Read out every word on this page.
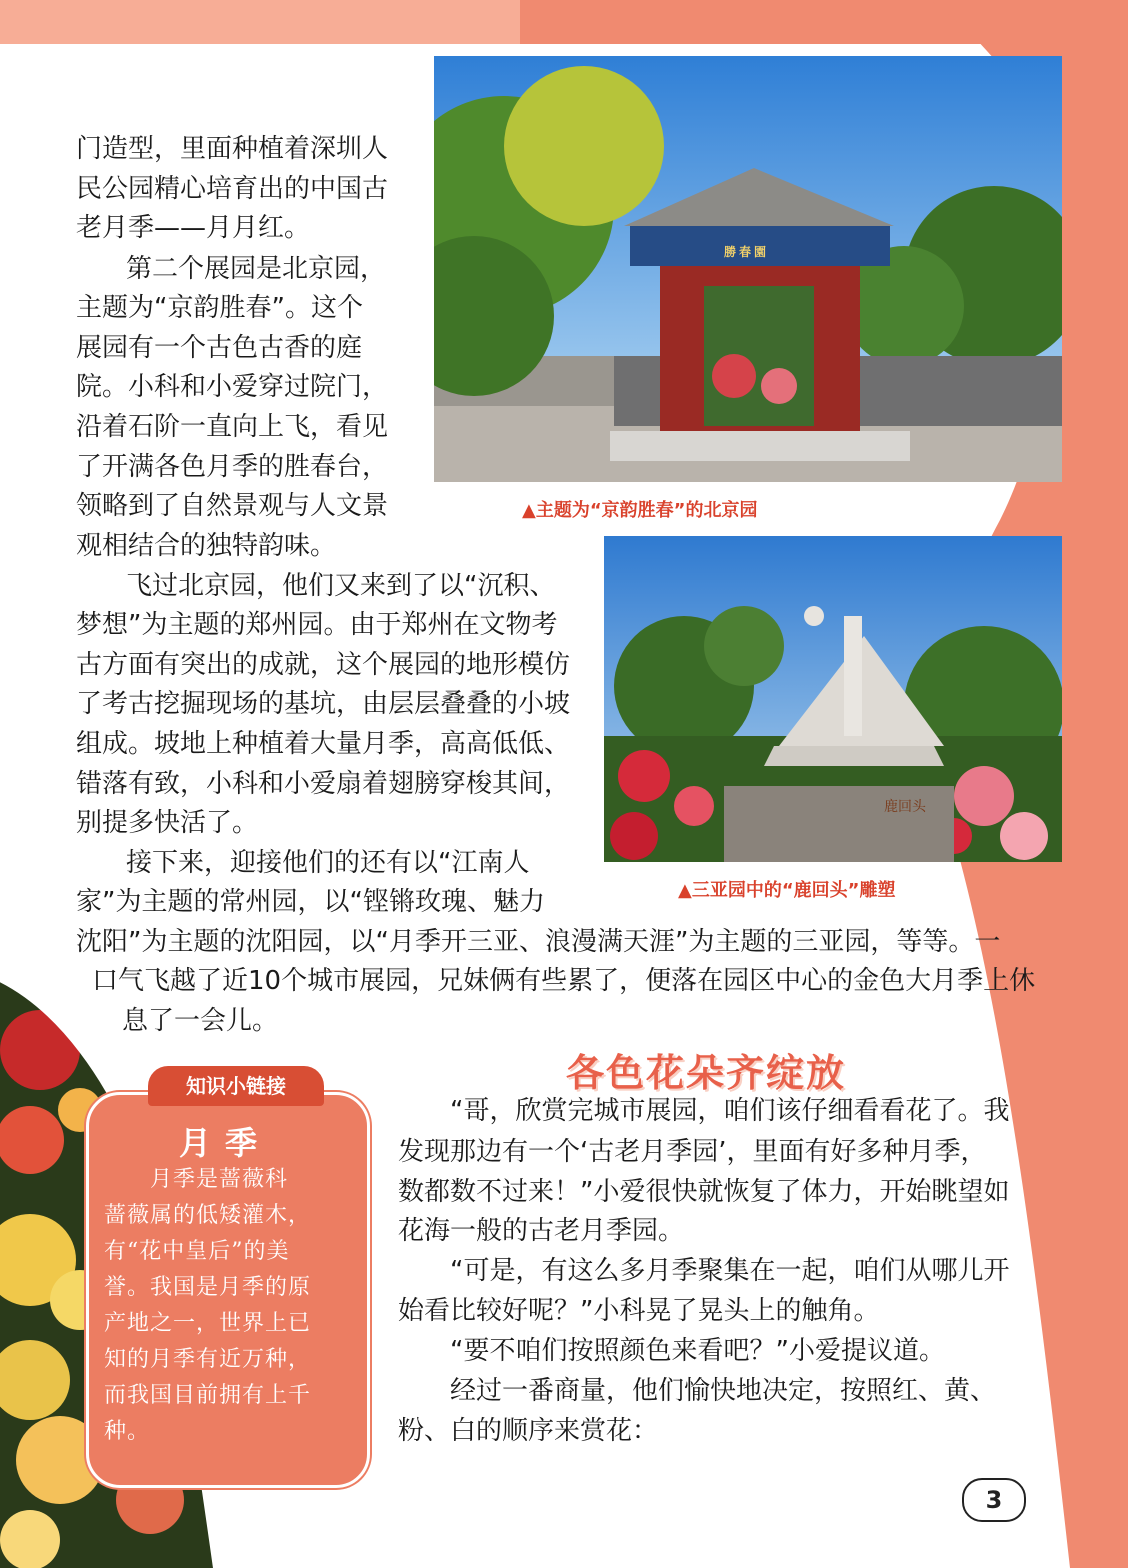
勝春園
▲主题为“京韵胜春”的北京园
鹿回头
▲三亚园中的“鹿回头”雕塑
门造型，里面种植着深圳人
民公园精心培育出的中国古
老月季——月月红。
第二个展园是北京园，
主题为“京韵胜春”。这个
展园有一个古色古香的庭
院。小科和小爱穿过院门，
沿着石阶一直向上飞，看见
了开满各色月季的胜春台，
领略到了自然景观与人文景
观相结合的独特韵味。
飞过北京园，他们又来到了以“沉积、
梦想”为主题的郑州园。由于郑州在文物考
古方面有突出的成就，这个展园的地形模仿
了考古挖掘现场的基坑，由层层叠叠的小坡
组成。坡地上种植着大量月季，高高低低、
错落有致，小科和小爱扇着翅膀穿梭其间，
别提多快活了。
接下来，迎接他们的还有以“江南人
家”为主题的常州园，以“铿锵玫瑰、魅力
沈阳”为主题的沈阳园，以“月季开三亚、浪漫满天涯”为主题的三亚园，等等。一
口气飞越了近10个城市展园，兄妹俩有些累了，便落在园区中心的金色大月季上休
息了一会儿。
各色花朵齐绽放
“哥，欣赏完城市展园，咱们该仔细看看花了。我
发现那边有一个‘古老月季园’，里面有好多种月季，
数都数不过来！”小爱很快就恢复了体力，开始眺望如
花海一般的古老月季园。
“可是，有这么多月季聚集在一起，咱们从哪儿开
始看比较好呢？”小科晃了晃头上的触角。
“要不咱们按照颜色来看吧？”小爱提议道。
经过一番商量，他们愉快地决定，按照红、黄、
粉、白的顺序来赏花：
知识小链接
月季
月季是蔷薇科
蔷薇属的低矮灌木，
有“花中皇后”的美
誉。我国是月季的原
产地之一，世界上已
知的月季有近万种，
而我国目前拥有上千
种。
3
